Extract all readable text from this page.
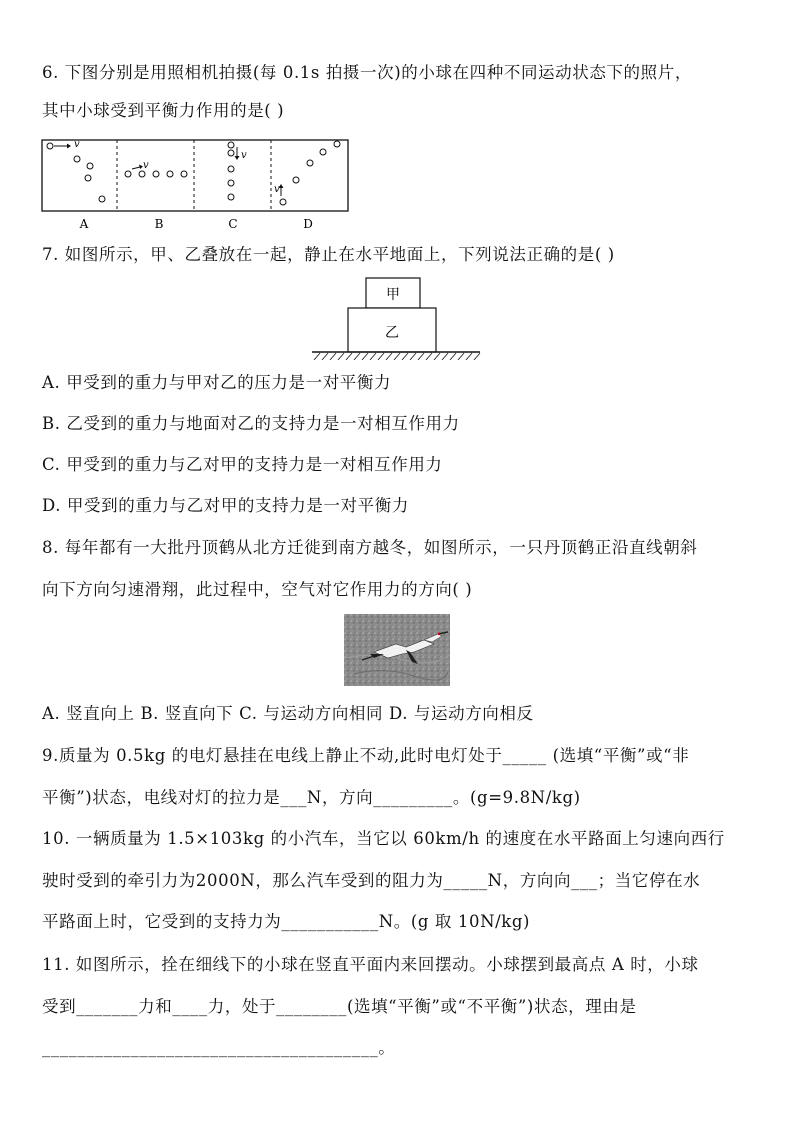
6. 下图分别是用照相机拍摄(每 0.1s 拍摄一次)的小球在四种不同运动状态下的照片，
其中小球受到平衡力作用的是( )
v
v
v
v
A	B	C	D
7. 如图所示，甲、乙叠放在一起，静止在水平地面上，下列说法正确的是( )
甲
乙
A. 甲受到的重力与甲对乙的压力是一对平衡力
B. 乙受到的重力与地面对乙的支持力是一对相互作用力
C. 甲受到的重力与乙对甲的支持力是一对相互作用力
D. 甲受到的重力与乙对甲的支持力是一对平衡力
8. 每年都有一大批丹顶鹤从北方迁徙到南方越冬，如图所示，一只丹顶鹤正沿直线朝斜
向下方向匀速滑翔，此过程中，空气对它作用力的方向( )
A. 竖直向上 B. 竖直向下 C. 与运动方向相同 D. 与运动方向相反
9.质量为 0.5kg 的电灯悬挂在电线上静止不动,此时电灯处于_____ (选填“平衡”或“非
平衡”)状态，电线对灯的拉力是___N，方向_________。(g=9.8N/kg)
10. 一辆质量为 1.5×103kg 的小汽车，当它以 60km/h 的速度在水平路面上匀速向西行
驶时受到的牵引力为2000N，那么汽车受到的阻力为_____N，方向向___；当它停在水
平路面上时，它受到的支持力为___________N。(g 取 10N/kg)
11. 如图所示，拴在细线下的小球在竖直平面内来回摆动。小球摆到最高点 A 时，小球
受到_______力和____力，处于________(选填“平衡”或“不平衡”)状态，理由是
______________________________________。
